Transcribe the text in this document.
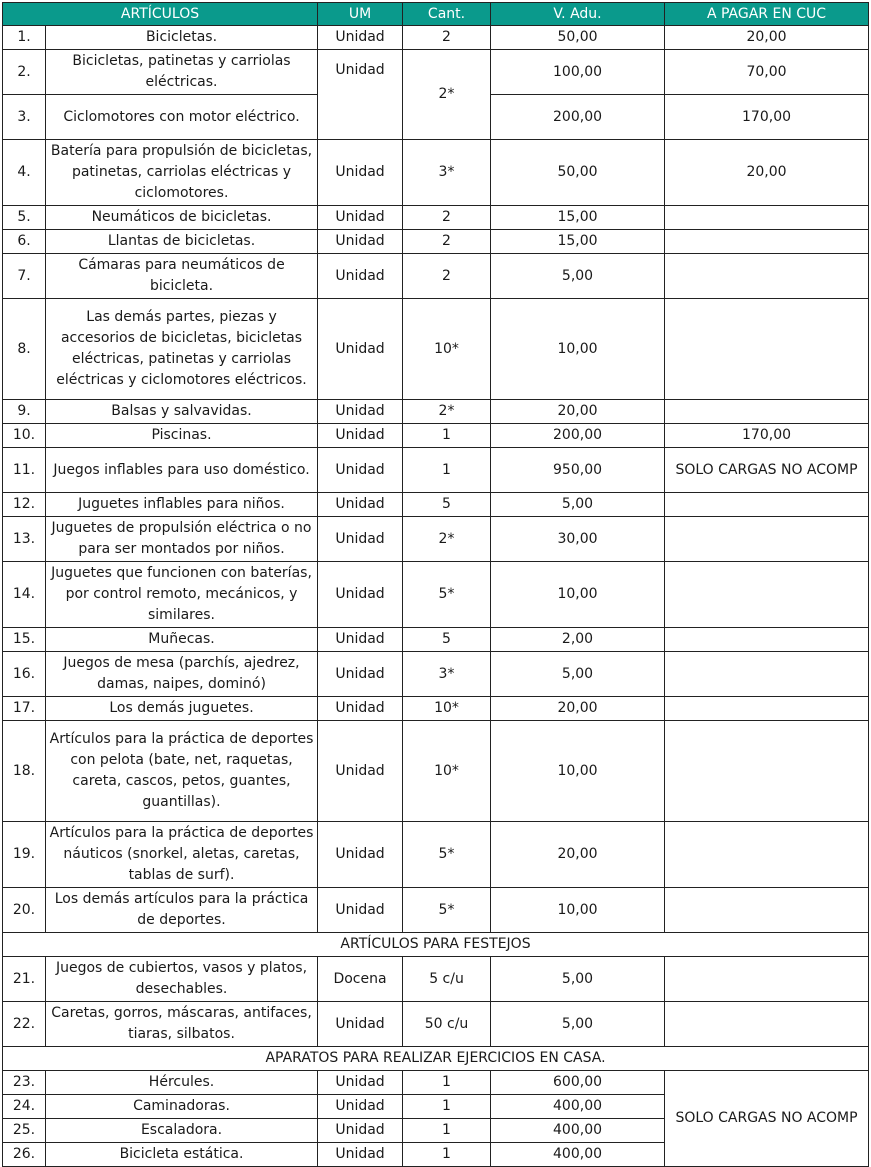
ARTÍCULOS		UM	Cant.	V. Adu.	A PAGAR EN CUC
1.	Bicicletas.	Unidad	2	50,00	20,00
2.	Bicicletas, patinetas y carriolas eléctricas.	Unidad	2*	100,00	70,00
3.	Ciclomotores con motor eléctrico.			200,00	170,00
4.	Batería para propulsión de bicicletas, patinetas, carriolas eléctricas y ciclomotores.	Unidad	3*	50,00	20,00
5.	Neumáticos de bicicletas.	Unidad	2	15,00	
6.	Llantas de bicicletas.	Unidad	2	15,00	
7.	Cámaras para neumáticos de bicicleta.	Unidad	2	5,00	
8.	Las demás partes, piezas y accesorios de bicicletas, bicicletas eléctricas, patinetas y carriolas eléctricas y ciclomotores eléctricos.	Unidad	10*	10,00	
9.	Balsas y salvavidas.	Unidad	2*	20,00	
10.	Piscinas.	Unidad	1	200,00	170,00
11.	Juegos inflables para uso doméstico.	Unidad	1	950,00	SOLO CARGAS NO ACOMP
12.	Juguetes inflables para niños.	Unidad	5	5,00	
13.	Juguetes de propulsión eléctrica o no para ser montados por niños.	Unidad	2*	30,00	
14.	Juguetes que funcionen con baterías, por control remoto, mecánicos, y similares.	Unidad	5*	10,00	
15.	Muñecas.	Unidad	5	2,00	
16.	Juegos de mesa (parchís, ajedrez, damas, naipes, dominó)	Unidad	3*	5,00	
17.	Los demás juguetes.	Unidad	10*	20,00	
18.	Artículos para la práctica de deportes con pelota (bate, net, raquetas, careta, cascos, petos, guantes, guantillas).	Unidad	10*	10,00	
19.	Artículos para la práctica de deportes náuticos (snorkel, aletas, caretas, tablas de surf).	Unidad	5*	20,00	
20.	Los demás artículos para la práctica de deportes.	Unidad	5*	10,00	
ARTÍCULOS PARA FESTEJOS					
21.	Juegos de cubiertos, vasos y platos, desechables.	Docena	5 c/u	5,00	
22.	Caretas, gorros, máscaras, antifaces, tiaras, silbatos.	Unidad	50 c/u	5,00	
APARATOS PARA REALIZAR EJERCICIOS EN CASA.					
23.	Hércules.	Unidad	1	600,00	SOLO CARGAS NO ACOMP
24.	Caminadoras.	Unidad	1	400,00	
25.	Escaladora.	Unidad	1	400,00	
26.	Bicicleta estática.	Unidad	1	400,00	
